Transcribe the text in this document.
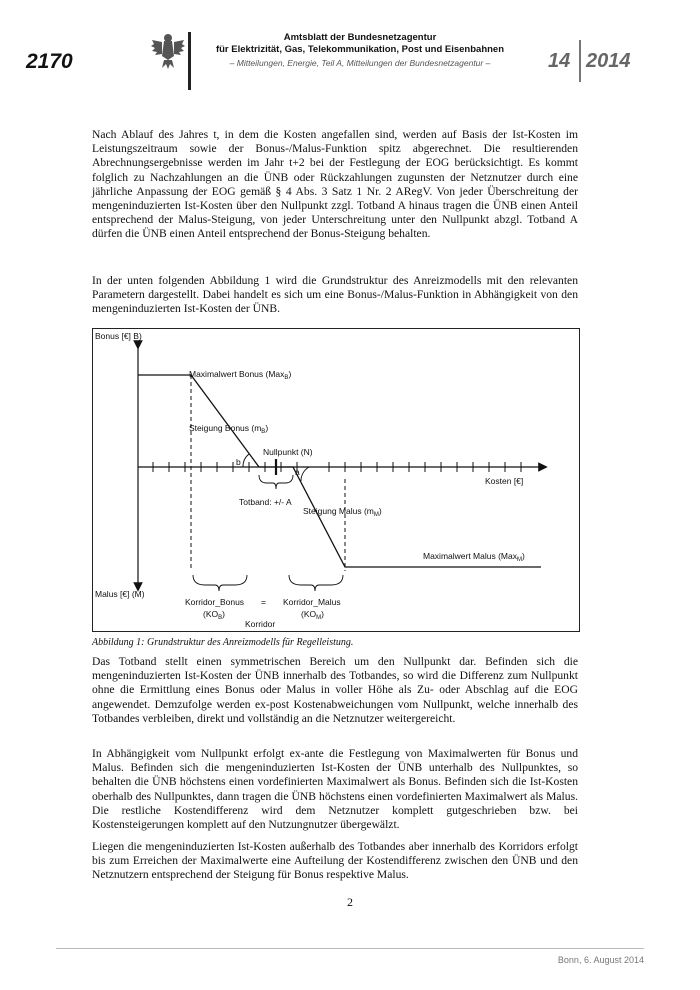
2170
Amtsblatt der Bundesnetzagentur
für Elektrizität, Gas, Telekommunikation, Post und Eisenbahnen
– Mitteilungen, Energie, Teil A, Mitteilungen der Bundesnetzagentur –	14 2014

Nach Ablauf des Jahres t, in dem die Kosten angefallen sind, werden auf Basis der Ist-Kosten im Leistungszeitraum sowie der Bonus-/Malus-Funktion spitz abgerechnet. Die resultierenden Abrechnungsergebnisse werden im Jahr t+2 bei der Festlegung der EOG berücksichtigt. Es kommt folglich zu Nachzahlungen an die ÜNB oder Rückzahlungen zugunsten der Netznutzer durch eine jährliche Anpassung der EOG gemäß § 4 Abs. 3 Satz 1 Nr. 2 ARegV. Von jeder Überschreitung der mengeninduzierten Ist-Kosten über den Nullpunkt zzgl. Totband A hinaus tragen die ÜNB einen Anteil entsprechend der Malus-Steigung, von jeder Unterschreitung unter den Nullpunkt abzgl. Totband A dürfen die ÜNB einen Anteil entsprechend der Bonus-Steigung behalten.

In der unten folgenden Abbildung 1 wird die Grundstruktur des Anreizmodells mit den relevanten Parametern dargestellt. Dabei handelt es sich um eine Bonus-/Malus-Funktion in Abhängigkeit von den mengeninduzierten Ist-Kosten der ÜNB.

Bonus [€] B)
Malus [€] (M)
Kosten [€]
Maximalwert Bonus (Max$_B$)
Steigung Bonus $(m_B)$
Nullpunkt (N)
b
a
Totband: +/- A
Steigung Malus $(m_M)$
Maximalwert Malus (Max$_M$)
Korridor_Bonus
$(KO_B)$
= Korridor_Malus
$(KO_M)$
Korridor
Abbildung 1: Grundstruktur des Anreizmodells für Regelleistung.

Das Totband stellt einen symmetrischen Bereich um den Nullpunkt dar. Befinden sich die mengeninduzierten Ist-Kosten der ÜNB innerhalb des Totbandes, so wird die Differenz zum Nullpunkt ohne die Ermittlung eines Bonus oder Malus in voller Höhe als Zu- oder Abschlag auf die EOG angewendet. Demzufolge werden ex-post Kostenabweichungen vom Nullpunkt, welche innerhalb des Totbandes verbleiben, direkt und vollständig an die Netznutzer weitergereicht.

In Abhängigkeit vom Nullpunkt erfolgt ex-ante die Festlegung von Maximalwerten für Bonus und Malus. Befinden sich die mengeninduzierten Ist-Kosten der ÜNB unterhalb des Nullpunktes, so behalten die ÜNB höchstens einen vordefinierten Maximalwert als Bonus. Befinden sich die Ist-Kosten oberhalb des Nullpunktes, dann tragen die ÜNB höchstens einen vordefinierten Maximalwert als Malus. Die restliche Kostendifferenz wird dem Netznutzer komplett gutgeschrieben bzw. bei Kostensteigerungen komplett auf den Nutzungnutzer übergewälzt.

Liegen die mengeninduzierten Ist-Kosten außerhalb des Totbandes aber innerhalb des Korridors erfolgt bis zum Erreichen der Maximalwerte eine Aufteilung der Kostendifferenz zwischen den ÜNB und den Netznutzern entsprechend der Steigung für Bonus respektive Malus.

2
Bonn, 6. August 2014
